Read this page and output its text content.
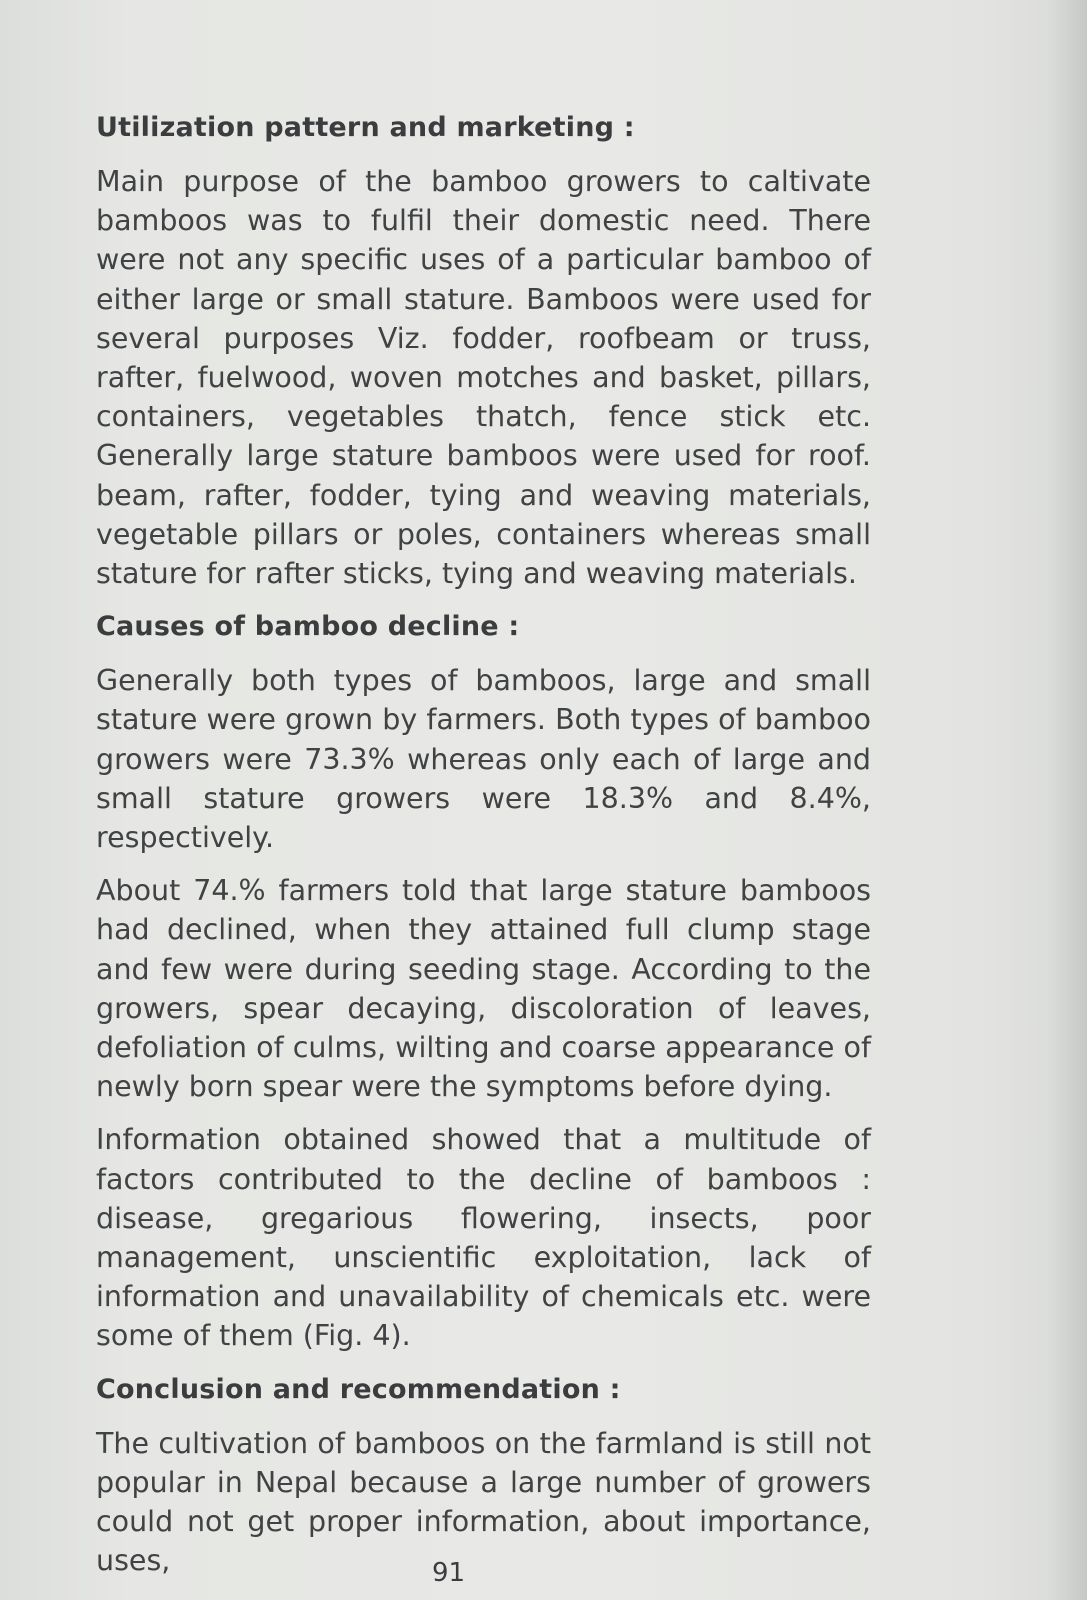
Utilization pattern and marketing :

Main purpose of the bamboo growers to caltivate bamboos was to fulfil their domestic need. There were not any specific uses of a particular bamboo of either large or small stature. Bamboos were used for several purposes Viz. fodder, roofbeam or truss, rafter, fuelwood, woven motches and basket, pillars, containers, vegetables thatch, fence stick etc. Generally large stature bamboos were used for roof. beam, rafter, fodder, tying and weaving materials, vegetable pillars or poles, containers whereas small stature for rafter sticks, tying and weaving materials.

Causes of bamboo decline :

Generally both types of bamboos, large and small stature were grown by farmers. Both types of bamboo growers were 73.3% whereas only each of large and small stature growers were 18.3% and 8.4%, respectively.

About 74.% farmers told that large stature bamboos had declined, when they attained full clump stage and few were during seeding stage. According to the growers, spear decaying, discoloration of leaves, defoliation of culms, wilting and coarse appearance of newly born spear were the symptoms before dying.

Information obtained showed that a multitude of factors contributed to the decline of bamboos : disease, gregarious flowering, insects, poor management, unscientific exploitation, lack of information and unavailability of chemicals etc. were some of them (Fig. 4).

Conclusion and recommendation :

The cultivation of bamboos on the farmland is still not popular in Nepal because a large number of growers could not get proper information, about importance, uses,	91
